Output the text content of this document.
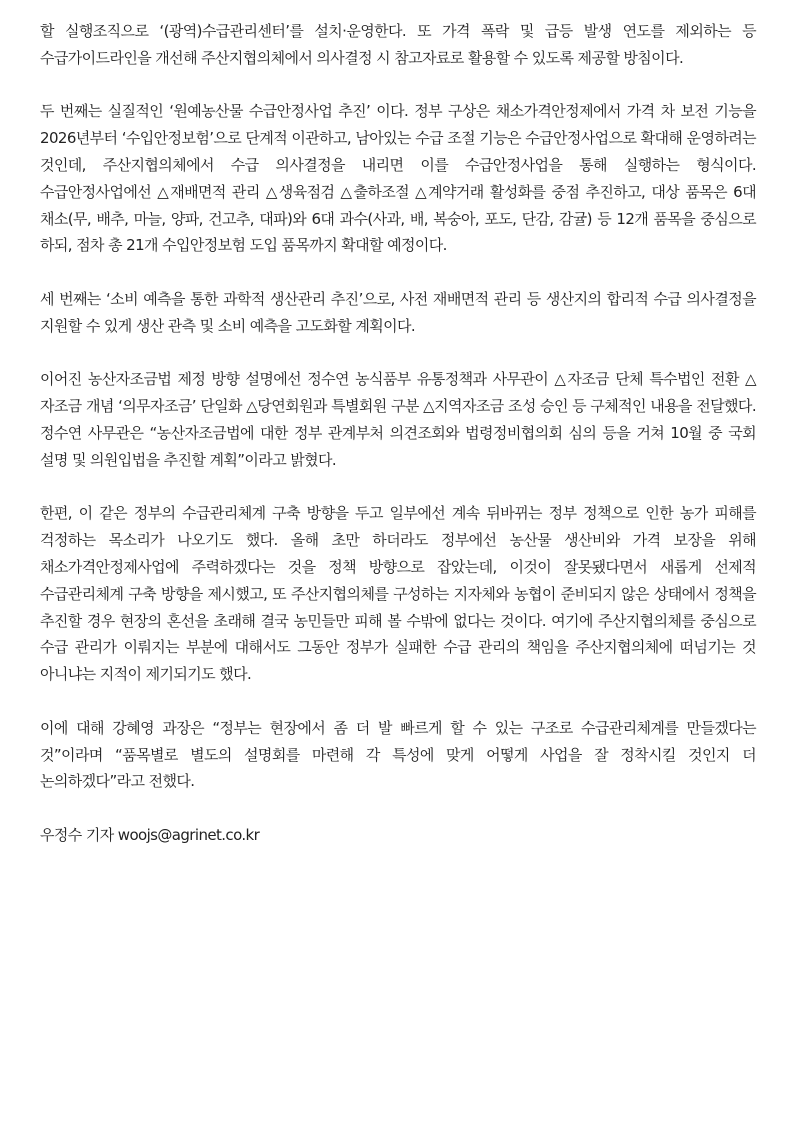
할 실행조직으로 ‘(광역)수급관리센터’를 설치·운영한다. 또 가격 폭락 및 급등 발생 연도를 제외하는 등 수급가이드라인을 개선해 주산지협의체에서 의사결정 시 참고자료로 활용할 수 있도록 제공할 방침이다.

두 번째는 실질적인 ‘원예농산물 수급안정사업 추진’ 이다. 정부 구상은 채소가격안정제에서 가격 차 보전 기능을 2026년부터 ‘수입안정보험’으로 단계적 이관하고, 남아있는 수급 조절 기능은 수급안정사업으로 확대해 운영하려는 것인데, 주산지협의체에서 수급 의사결정을 내리면 이를 수급안정사업을 통해 실행하는 형식이다. 수급안정사업에선 △재배면적 관리 △생육점검 △출하조절 △계약거래 활성화를 중점 추진하고, 대상 품목은 6대 채소(무, 배추, 마늘, 양파, 건고추, 대파)와 6대 과수(사과, 배, 복숭아, 포도, 단감, 감귤) 등 12개 품목을 중심으로 하되, 점차 총 21개 수입안정보험 도입 품목까지 확대할 예정이다.

세 번째는 ‘소비 예측을 통한 과학적 생산관리 추진’으로, 사전 재배면적 관리 등 생산지의 합리적 수급 의사결정을 지원할 수 있게 생산 관측 및 소비 예측을 고도화할 계획이다.

이어진 농산자조금법 제정 방향 설명에선 정수연 농식품부 유통정책과 사무관이 △자조금 단체 특수법인 전환 △자조금 개념 ‘의무자조금’ 단일화 △당연회원과 특별회원 구분 △지역자조금 조성 승인 등 구체적인 내용을 전달했다. 정수연 사무관은 “농산자조금법에 대한 정부 관계부처 의견조회와 법령정비협의회 심의 등을 거쳐 10월 중 국회 설명 및 의원입법을 추진할 계획”이라고 밝혔다.

한편, 이 같은 정부의 수급관리체계 구축 방향을 두고 일부에선 계속 뒤바뀌는 정부 정책으로 인한 농가 피해를 걱정하는 목소리가 나오기도 했다. 올해 초만 하더라도 정부에선 농산물 생산비와 가격 보장을 위해 채소가격안정제사업에 주력하겠다는 것을 정책 방향으로 잡았는데, 이것이 잘못됐다면서 새롭게 선제적 수급관리체계 구축 방향을 제시했고, 또 주산지협의체를 구성하는 지자체와 농협이 준비되지 않은 상태에서 정책을 추진할 경우 현장의 혼선을 초래해 결국 농민들만 피해 볼 수밖에 없다는 것이다. 여기에 주산지협의체를 중심으로 수급 관리가 이뤄지는 부분에 대해서도 그동안 정부가 실패한 수급 관리의 책임을 주산지협의체에 떠넘기는 것 아니냐는 지적이 제기되기도 했다.

이에 대해 강혜영 과장은 “정부는 현장에서 좀 더 발 빠르게 할 수 있는 구조로 수급관리체계를 만들겠다는 것”이라며 “품목별로 별도의 설명회를 마련해 각 특성에 맞게 어떻게 사업을 잘 정착시킬 것인지 더 논의하겠다”라고 전했다.

우정수 기자 woojs@agrinet.co.kr
